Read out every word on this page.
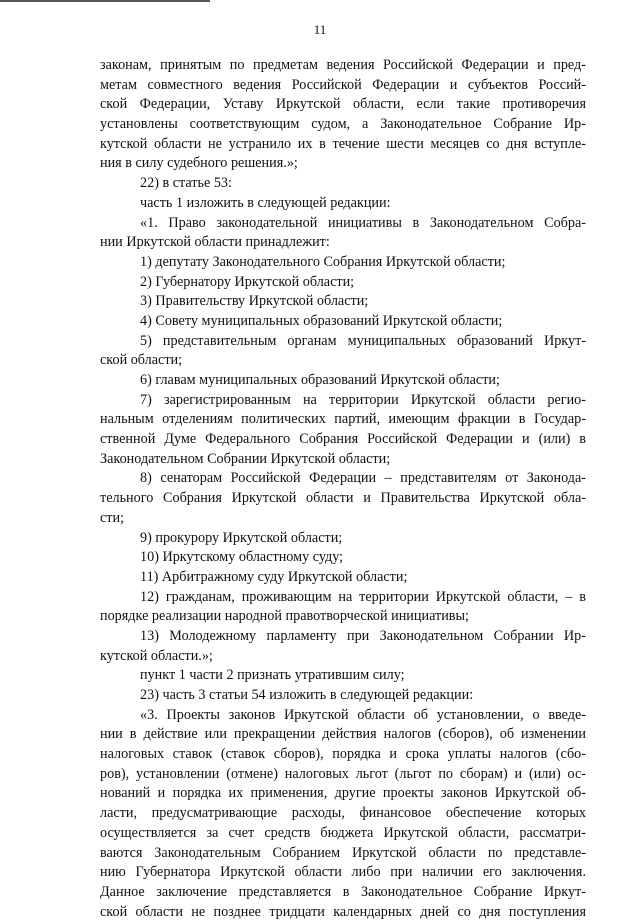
11
законам, принятым по предметам ведения Российской Федерации и пред-
метам совместного ведения Российской Федерации и субъектов Россий-
ской Федерации, Уставу Иркутской области, если такие противоречия
установлены соответствующим судом, а Законодательное Собрание Ир-
кутской области не устранило их в течение шести месяцев со дня вступле-
ния в силу судебного решения.»;
22) в статье 53:
часть 1 изложить в следующей редакции:
«1. Право законодательной инициативы в Законодательном Собра-
нии Иркутской области принадлежит:
1) депутату Законодательного Собрания Иркутской области;
2) Губернатору Иркутской области;
3) Правительству Иркутской области;
4) Совету муниципальных образований Иркутской области;
5) представительным органам муниципальных образований Иркут-
ской области;
6) главам муниципальных образований Иркутской области;
7) зарегистрированным на территории Иркутской области регио-
нальным отделениям политических партий, имеющим фракции в Государ-
ственной Думе Федерального Собрания Российской Федерации и (или) в
Законодательном Собрании Иркутской области;
8) сенаторам Российской Федерации – представителям от Законода-
тельного Собрания Иркутской области и Правительства Иркутской обла-
сти;
9) прокурору Иркутской области;
10) Иркутскому областному суду;
11) Арбитражному суду Иркутской области;
12) гражданам, проживающим на территории Иркутской области, – в
порядке реализации народной правотворческой инициативы;
13) Молодежному парламенту при Законодательном Собрании Ир-
кутской области.»;
пункт 1 части 2 признать утратившим силу;
23) часть 3 статьи 54 изложить в следующей редакции:
«3. Проекты законов Иркутской области об установлении, о введе-
нии в действие или прекращении действия налогов (сборов), об изменении
налоговых ставок (ставок сборов), порядка и срока уплаты налогов (сбо-
ров), установлении (отмене) налоговых льгот (льгот по сборам) и (или) ос-
нований и порядка их применения, другие проекты законов Иркутской об-
ласти, предусматривающие расходы, финансовое обеспечение которых
осуществляется за счет средств бюджета Иркутской области, рассматри-
ваются Законодательным Собранием Иркутской области по представле-
нию Губернатора Иркутской области либо при наличии его заключения.
Данное заключение представляется в Законодательное Собрание Иркут-
ской области не позднее тридцати календарных дней со дня поступления
